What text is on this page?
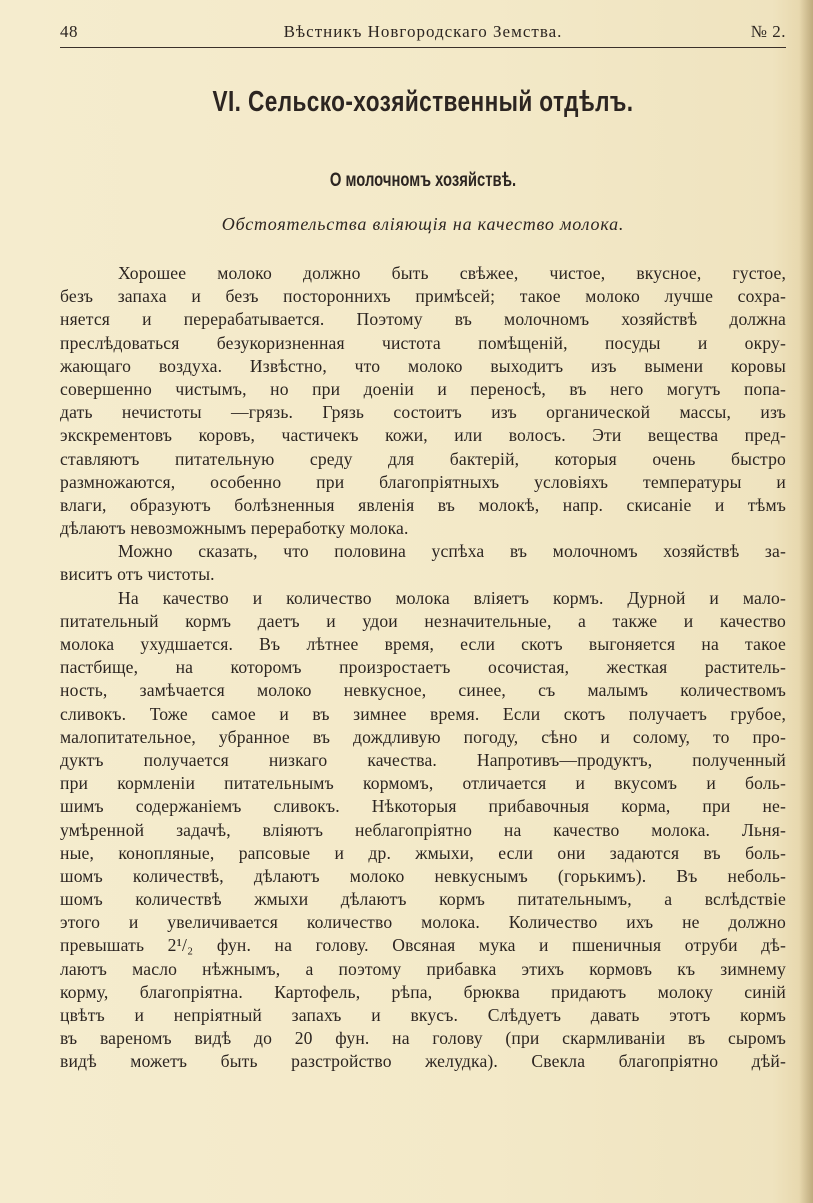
48	Вѣстникъ Новгородскаго Земства.	№ 2.
VI. Сельско-хозяйственный отдѣлъ.
О молочномъ хозяйствѣ.
Обстоятельства вліяющія на качество молока.
Хорошее молоко должно быть свѣжее, чистое, вкусное, густое,
безъ запаха и безъ постороннихъ примѣсей; такое молоко лучше сохра-
няется и перерабатывается. Поэтому въ молочномъ хозяйствѣ должна
преслѣдоваться безукоризненная чистота помѣщеній, посуды и окру-
жающаго воздуха. Извѣстно, что молоко выходитъ изъ вымени коровы
совершенно чистымъ, но при доеніи и переносѣ, въ него могутъ попа-
дать нечистоты —грязь. Грязь состоитъ изъ органической массы, изъ
экскрементовъ коровъ, частичекъ кожи, или волосъ. Эти вещества пред-
ставляютъ питательную среду для бактерій, которыя очень быстро
размножаются, особенно при благопріятныхъ условіяхъ температуры и
влаги, образуютъ болѣзненныя явленія въ молокѣ, напр. скисаніе и тѣмъ
дѣлаютъ невозможнымъ переработку молока.
Можно сказать, что половина успѣха въ молочномъ хозяйствѣ за-
виситъ отъ чистоты.
На качество и количество молока вліяетъ кормъ. Дурной и мало-
питательный кормъ даетъ и удои незначительные, а также и качество
молока ухудшается. Въ лѣтнее время, если скотъ выгоняется на такое
пастбище, на которомъ произростаетъ осочистая, жесткая раститель-
ность, замѣчается молоко невкусное, синее, съ малымъ количествомъ
сливокъ. Тоже самое и въ зимнее время. Если скотъ получаетъ грубое,
малопитательное, убранное въ дождливую погоду, сѣно и солому, то про-
дуктъ получается низкаго качества. Напротивъ—продуктъ, полученный
при кормленіи питательнымъ кормомъ, отличается и вкусомъ и боль-
шимъ содержаніемъ сливокъ. Нѣкоторыя прибавочныя корма, при не-
умѣренной задачѣ, вліяютъ неблагопріятно на качество молока. Льня-
ные, конопляные, рапсовые и др. жмыхи, если они задаются въ боль-
шомъ количествѣ, дѣлаютъ молоко невкуснымъ (горькимъ). Въ неболь-
шомъ количествѣ жмыхи дѣлаютъ кормъ питательнымъ, а вслѣдствіе
этого и увеличивается количество молока. Количество ихъ не должно
превышать 2¹/₂ фун. на голову. Овсяная мука и пшеничныя отруби дѣ-
лаютъ масло нѣжнымъ, а поэтому прибавка этихъ кормовъ къ зимнему
корму, благопріятна. Картофель, рѣпа, брюква придаютъ молоку синій
цвѣтъ и непріятный запахъ и вкусъ. Слѣдуетъ давать этотъ кормъ
въ вареномъ видѣ до 20 фун. на голову (при скармливаніи въ сыромъ
видѣ можетъ быть разстройство желудка). Свекла благопріятно дѣй-
